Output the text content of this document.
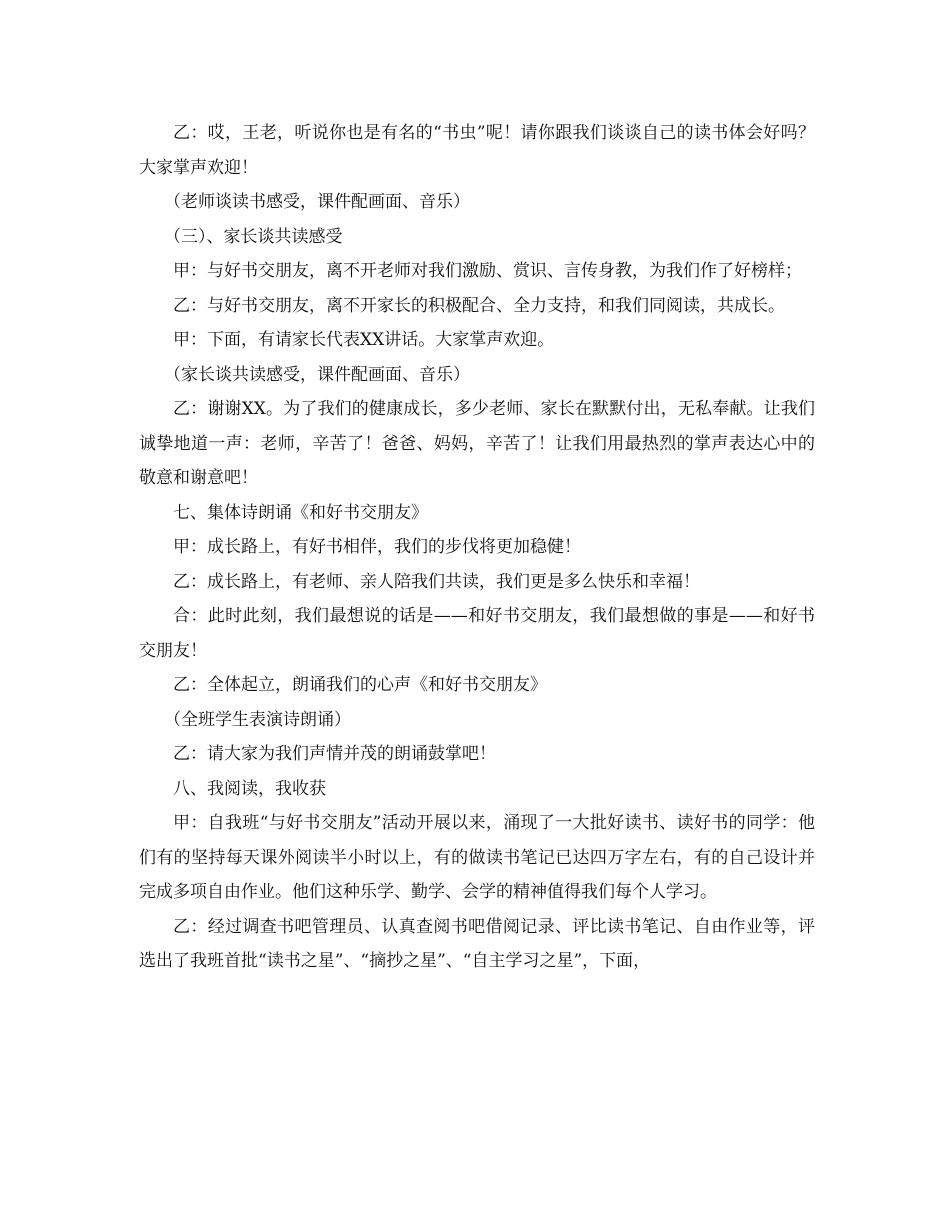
乙：哎，王老，听说你也是有名的“书虫”呢！请你跟我们谈谈自己的读书体会好吗？大家掌声欢迎！

（老师谈读书感受，课件配画面、音乐）

（三）、家长谈共读感受

甲：与好书交朋友，离不开老师对我们激励、赏识、言传身教，为我们作了好榜样；

乙：与好书交朋友，离不开家长的积极配合、全力支持，和我们同阅读，共成长。

甲：下面，有请家长代表XX讲话。大家掌声欢迎。

（家长谈共读感受，课件配画面、音乐）

乙：谢谢XX。为了我们的健康成长，多少老师、家长在默默付出，无私奉献。让我们诚挚地道一声：老师，辛苦了！爸爸、妈妈，辛苦了！让我们用最热烈的掌声表达心中的敬意和谢意吧！

七、集体诗朗诵《和好书交朋友》

甲：成长路上，有好书相伴，我们的步伐将更加稳健！

乙：成长路上，有老师、亲人陪我们共读，我们更是多么快乐和幸福！

合：此时此刻，我们最想说的话是——和好书交朋友，我们最想做的事是——和好书交朋友！

乙：全体起立，朗诵我们的心声《和好书交朋友》

（全班学生表演诗朗诵）

乙：请大家为我们声情并茂的朗诵鼓掌吧！

八、我阅读，我收获

甲：自我班“与好书交朋友”活动开展以来，涌现了一大批好读书、读好书的同学：他们有的坚持每天课外阅读半小时以上，有的做读书笔记已达四万字左右，有的自己设计并完成多项自由作业。他们这种乐学、勤学、会学的精神值得我们每个人学习。

乙：经过调查书吧管理员、认真查阅书吧借阅记录、评比读书笔记、自由作业等，评选出了我班首批“读书之星”、“摘抄之星”、“自主学习之星”，下面，
